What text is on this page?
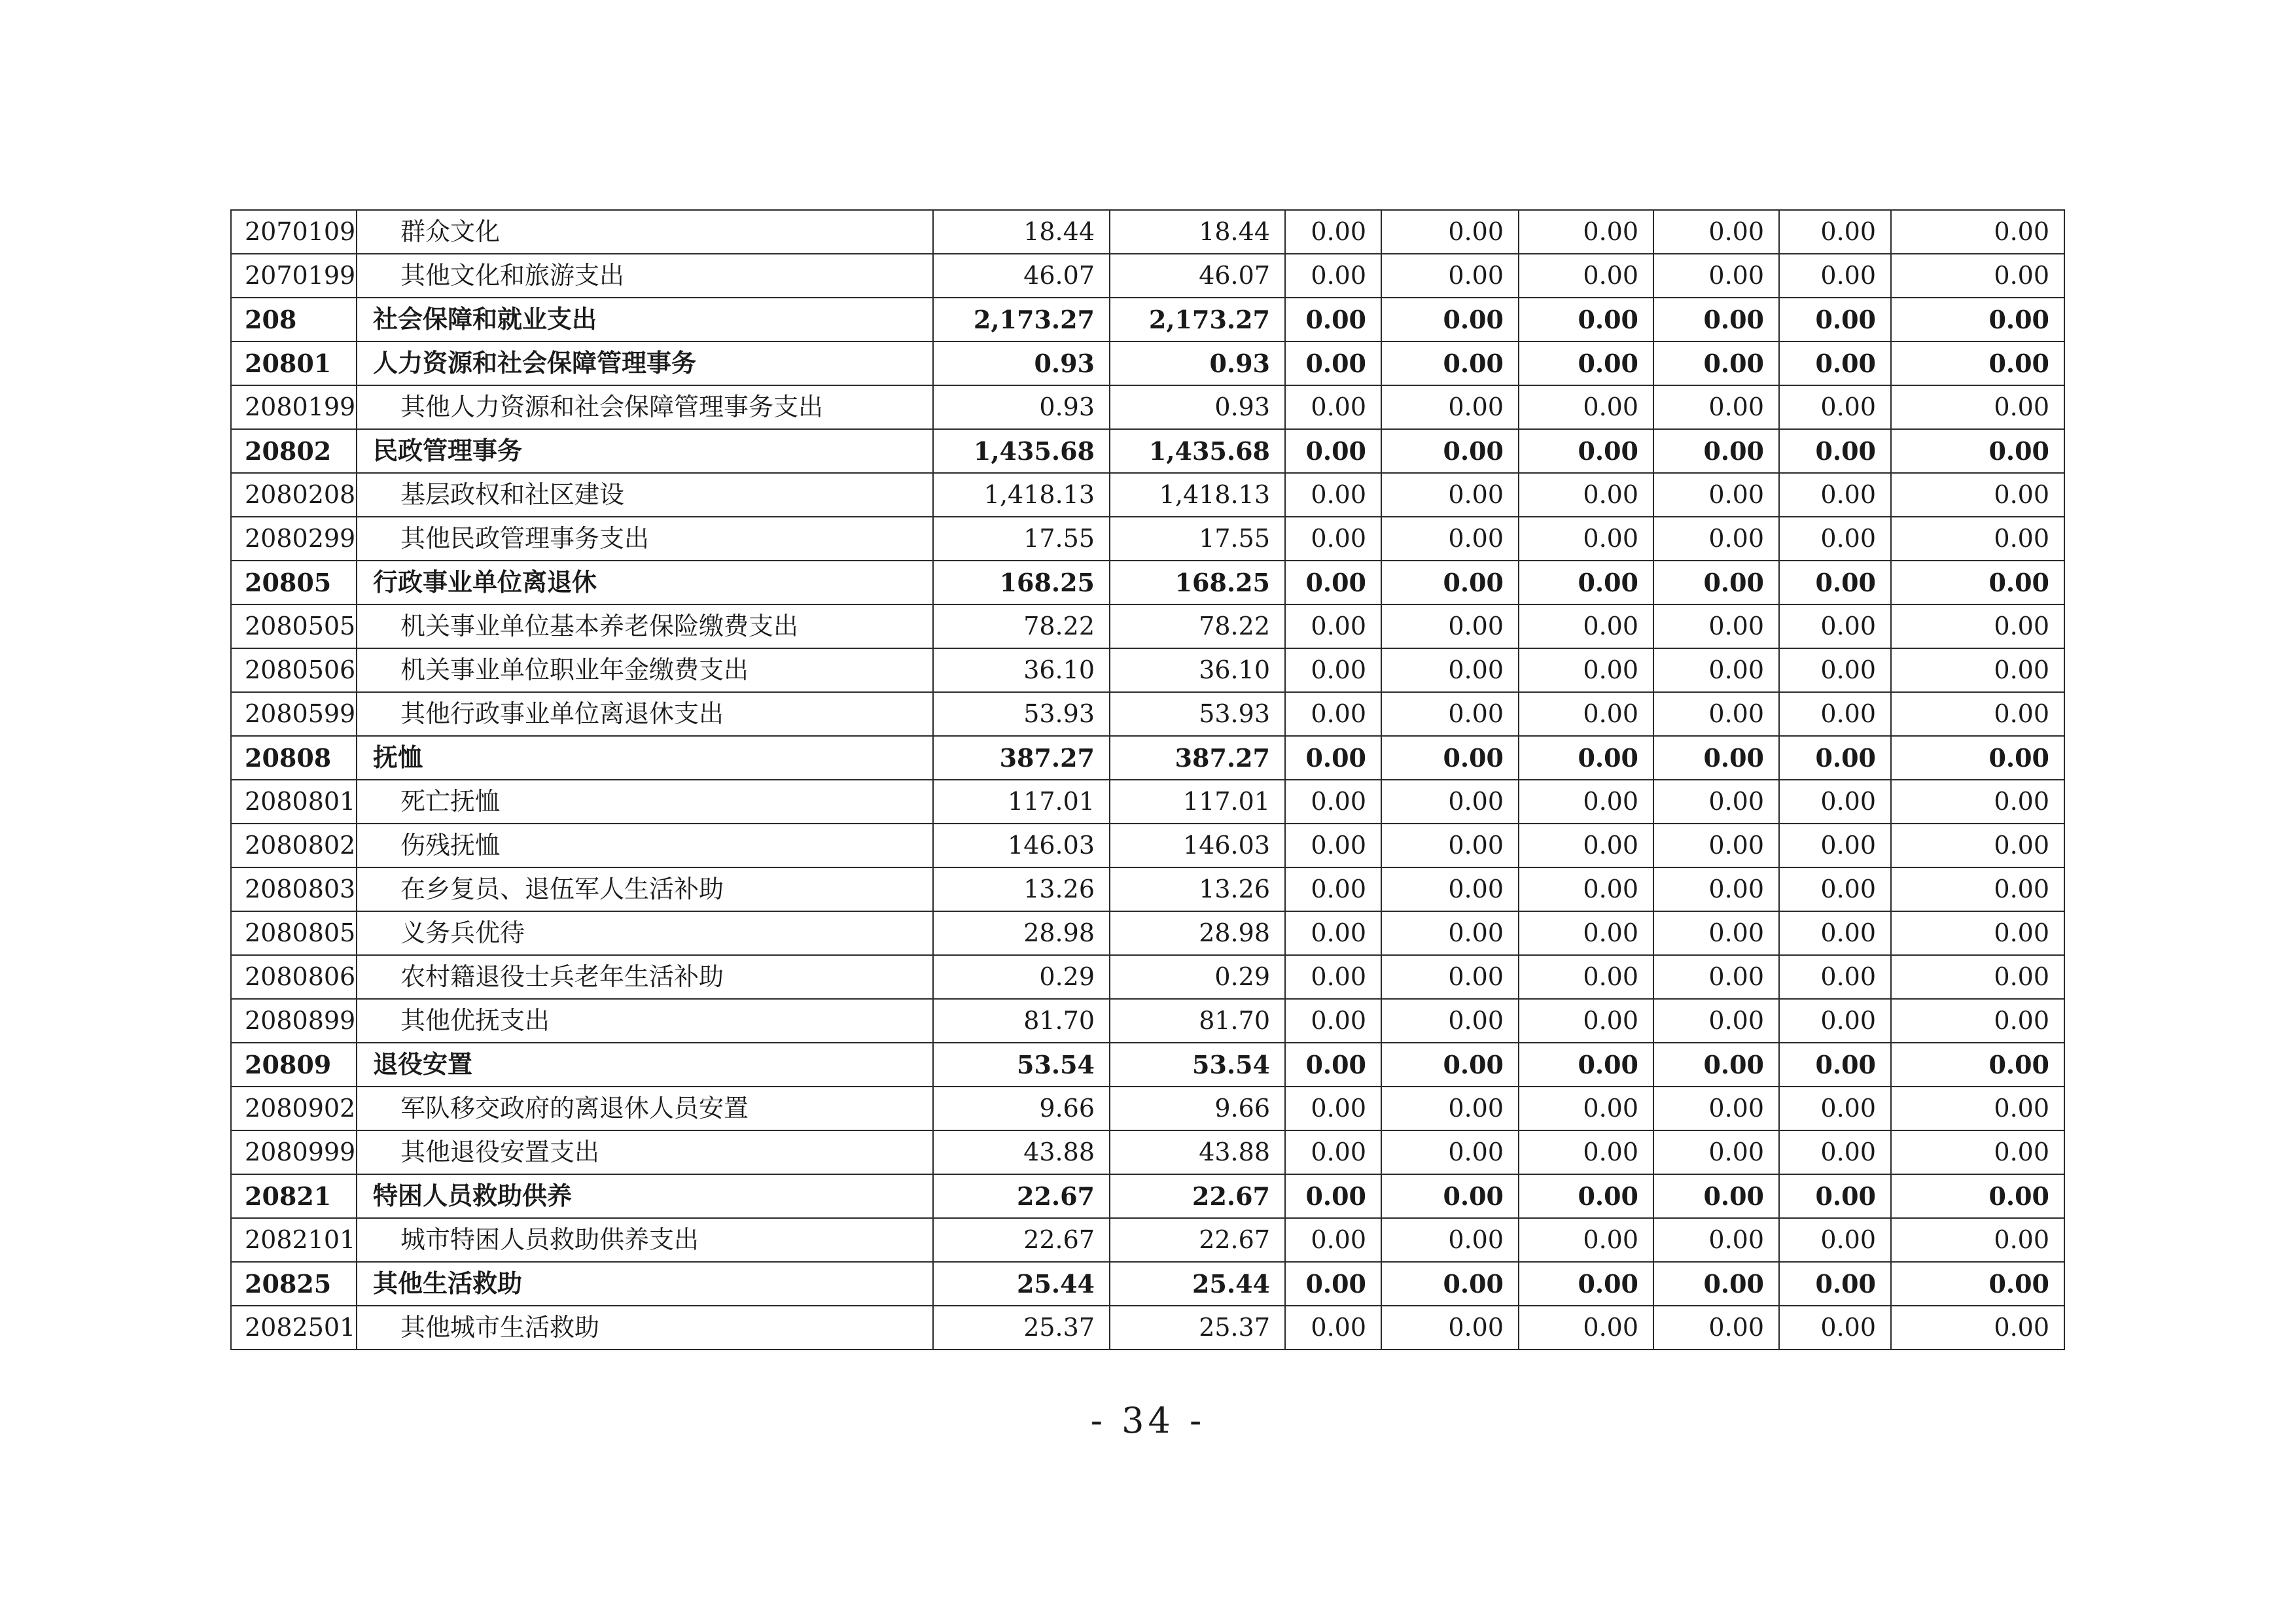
2070109	群众文化	18.44	18.44	0.00	0.00	0.00	0.00	0.00	0.00
2070199	其他文化和旅游支出	46.07	46.07	0.00	0.00	0.00	0.00	0.00	0.00
208	社会保障和就业支出	2,173.27	2,173.27	0.00	0.00	0.00	0.00	0.00	0.00
20801	人力资源和社会保障管理事务	0.93	0.93	0.00	0.00	0.00	0.00	0.00	0.00
2080199	其他人力资源和社会保障管理事务支出	0.93	0.93	0.00	0.00	0.00	0.00	0.00	0.00
20802	民政管理事务	1,435.68	1,435.68	0.00	0.00	0.00	0.00	0.00	0.00
2080208	基层政权和社区建设	1,418.13	1,418.13	0.00	0.00	0.00	0.00	0.00	0.00
2080299	其他民政管理事务支出	17.55	17.55	0.00	0.00	0.00	0.00	0.00	0.00
20805	行政事业单位离退休	168.25	168.25	0.00	0.00	0.00	0.00	0.00	0.00
2080505	机关事业单位基本养老保险缴费支出	78.22	78.22	0.00	0.00	0.00	0.00	0.00	0.00
2080506	机关事业单位职业年金缴费支出	36.10	36.10	0.00	0.00	0.00	0.00	0.00	0.00
2080599	其他行政事业单位离退休支出	53.93	53.93	0.00	0.00	0.00	0.00	0.00	0.00
20808	抚恤	387.27	387.27	0.00	0.00	0.00	0.00	0.00	0.00
2080801	死亡抚恤	117.01	117.01	0.00	0.00	0.00	0.00	0.00	0.00
2080802	伤残抚恤	146.03	146.03	0.00	0.00	0.00	0.00	0.00	0.00
2080803	在乡复员、退伍军人生活补助	13.26	13.26	0.00	0.00	0.00	0.00	0.00	0.00
2080805	义务兵优待	28.98	28.98	0.00	0.00	0.00	0.00	0.00	0.00
2080806	农村籍退役士兵老年生活补助	0.29	0.29	0.00	0.00	0.00	0.00	0.00	0.00
2080899	其他优抚支出	81.70	81.70	0.00	0.00	0.00	0.00	0.00	0.00
20809	退役安置	53.54	53.54	0.00	0.00	0.00	0.00	0.00	0.00
2080902	军队移交政府的离退休人员安置	9.66	9.66	0.00	0.00	0.00	0.00	0.00	0.00
2080999	其他退役安置支出	43.88	43.88	0.00	0.00	0.00	0.00	0.00	0.00
20821	特困人员救助供养	22.67	22.67	0.00	0.00	0.00	0.00	0.00	0.00
2082101	城市特困人员救助供养支出	22.67	22.67	0.00	0.00	0.00	0.00	0.00	0.00
20825	其他生活救助	25.44	25.44	0.00	0.00	0.00	0.00	0.00	0.00
2082501	其他城市生活救助	25.37	25.37	0.00	0.00	0.00	0.00	0.00	0.00
- 34 -
